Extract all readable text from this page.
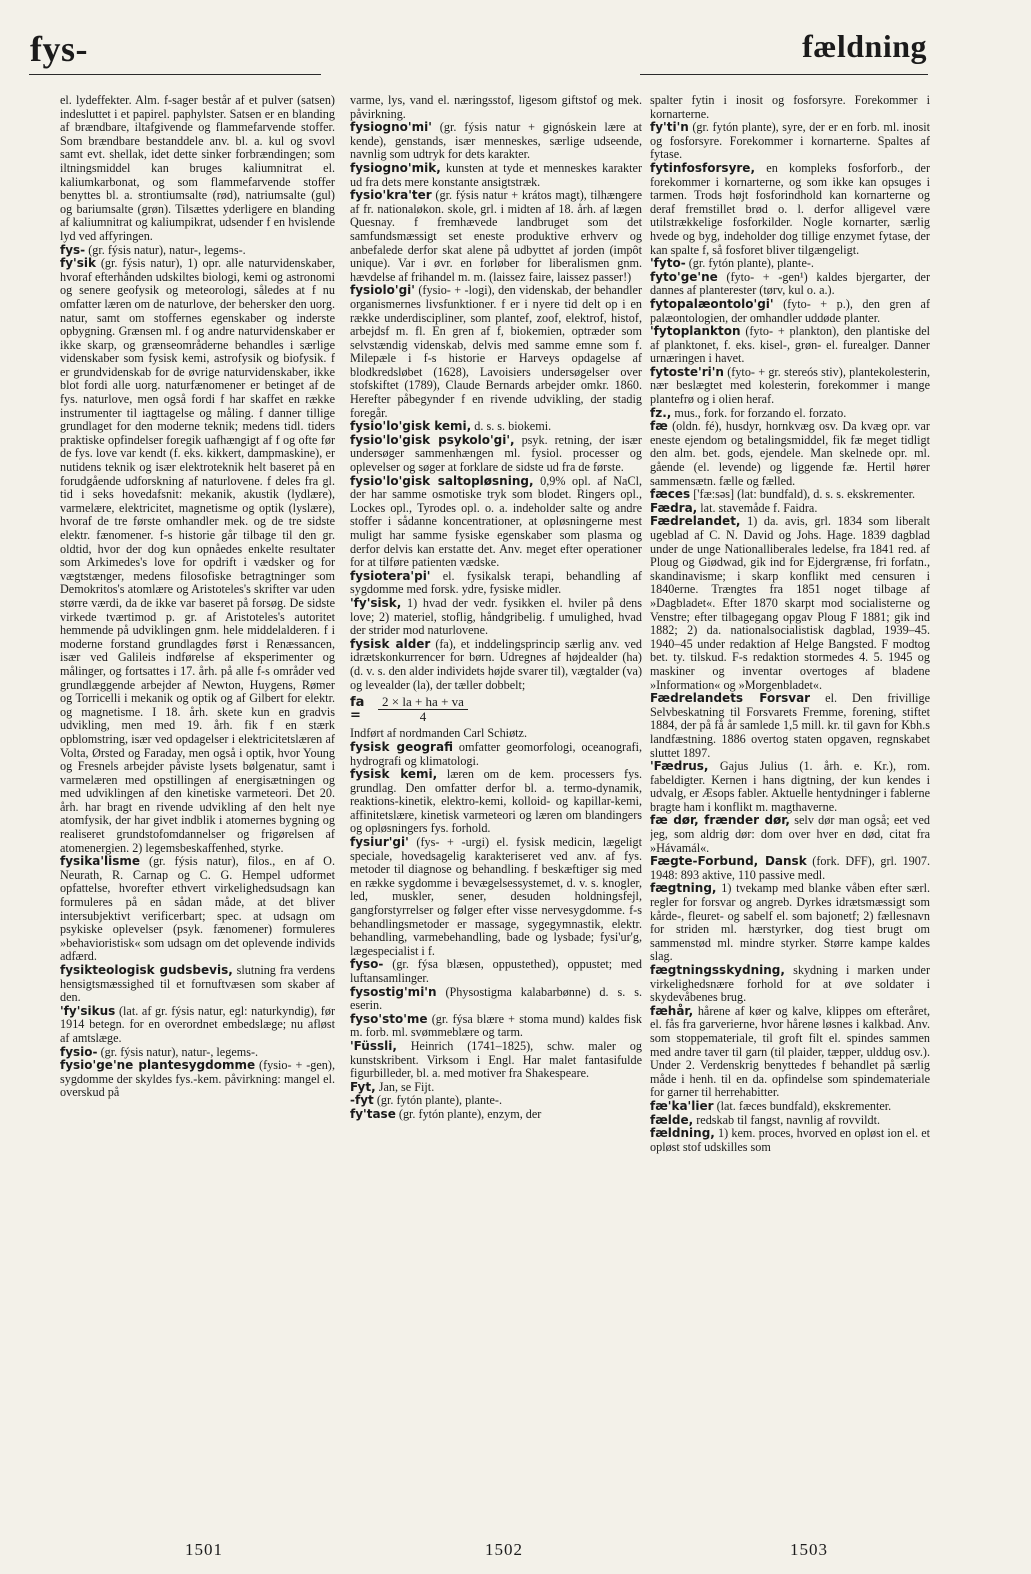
fys-	fældning
el. lydeffekter. Alm. f-sager består af et pulver (satsen) indesluttet i et papirel. paphylster. Satsen er en blanding af brændbare, iltafgivende og flammefarvende stoffer. Som brændbare bestanddele anv. bl. a. kul og svovl samt evt. shellak, idet dette sinker forbrændingen; som iltningsmiddel kan bruges kaliumnitrat el. kaliumkarbonat, og som flammefarvende stoffer benyttes bl. a. strontiumsalte (rød), natriumsalte (gul) og bariumsalte (grøn). Tilsættes yderligere en blanding af kaliumnitrat og kaliumpikrat, udsender f en hvislende lyd ved affyringen.
fys- (gr. fýsis natur), natur-, legems-.
fy'sik (gr. fýsis natur), 1) opr. alle naturvidenskaber, hvoraf efterhånden udskiltes biologi, kemi og astronomi og senere geofysik og meteorologi, således at f nu omfatter læren om de naturlove, der behersker den uorg. natur, samt om stoffernes egenskaber og inderste opbygning. Grænsen ml. f og andre naturvidenskaber er ikke skarp, og grænseområderne behandles i særlige videnskaber som fysisk kemi, astrofysik og biofysik. f er grundvidenskab for de øvrige naturvidenskaber, ikke blot fordi alle uorg. naturfænomener er betinget af de fys. naturlove, men også fordi f har skaffet en række instrumenter til iagttagelse og måling. f danner tillige grundlaget for den moderne teknik; medens tidl. tiders praktiske opfindelser foregik uafhængigt af f og ofte før de fys. love var kendt (f. eks. kikkert, dampmaskine), er nutidens teknik og især elektroteknik helt baseret på en forudgående udforskning af naturlovene. f deles fra gl. tid i seks hovedafsnit: mekanik, akustik (lydlære), varmelære, elektricitet, magnetisme og optik (lyslære), hvoraf de tre første omhandler mek. og de tre sidste elektr. fænomener. f-s historie går tilbage til den gr. oldtid, hvor der dog kun opnåedes enkelte resultater som Arkimedes's love for opdrift i vædsker og for vægtstænger, medens filosofiske betragtninger som Demokritos's atomlære og Aristoteles's skrifter var uden større værdi, da de ikke var baseret på forsøg. De sidste virkede tværtimod p. gr. af Aristoteles's autoritet hemmende på udviklingen gnm. hele middelalderen. f i moderne forstand grundlagdes først i Renæssancen, især ved Galileis indførelse af eksperimenter og målinger, og fortsattes i 17. årh. på alle f-s områder ved grundlæggende arbejder af Newton, Huygens, Rømer og Torricelli i mekanik og optik og af Gilbert for elektr. og magnetisme. I 18. årh. skete kun en gradvis udvikling, men med 19. årh. fik f en stærk opblomstring, især ved opdagelser i elektricitetslæren af Volta, Ørsted og Faraday, men også i optik, hvor Young og Fresnels arbejder påviste lysets bølgenatur, samt i varmelæren med opstillingen af energisætningen og med udviklingen af den kinetiske varmeteori. Det 20. årh. har bragt en rivende udvikling af den helt nye atomfysik, der har givet indblik i atomernes bygning og realiseret grundstofomdannelser og frigørelsen af atomenergien. 2) legemsbeskaffenhed, styrke.
fysika'lisme (gr. fýsis natur), filos., en af O. Neurath, R. Carnap og C. G. Hempel udformet opfattelse, hvorefter ethvert virkelighedsudsagn kan formuleres på en sådan måde, at det bliver intersubjektivt verificerbart; spec. at udsagn om psykiske oplevelser (psyk. fænomener) formuleres »behavioristisk« som udsagn om det oplevende individs adfærd.
fysikteologisk gudsbevis, slutning fra verdens hensigtsmæssighed til et fornuftvæsen som skaber af den.
'fy'sikus (lat. af gr. fýsis natur, egl: naturkyndig), før 1914 betegn. for en overordnet embedslæge; nu afløst af amtslæge.
fysio- (gr. fýsis natur), natur-, legems-.
fysio'ge'ne plantesygdomme (fysio- + -gen), sygdomme der skyldes fys.-kem. påvirkning: mangel el. overskud på
varme, lys, vand el. næringsstof, ligesom giftstof og mek. påvirkning.
fysiogno'mi' (gr. fýsis natur + gignóskein lære at kende), genstands, især menneskes, særlige udseende, navnlig som udtryk for dets karakter.
fysiogno'mik, kunsten at tyde et menneskes karakter ud fra dets mere konstante ansigtstræk.
fysio'kra'ter (gr. fýsis natur + krátos magt), tilhængere af fr. nationaløkon. skole, grl. i midten af 18. årh. af lægen Quesnay. f fremhævede landbruget som det samfundsmæssigt set eneste produktive erhverv og anbefalede derfor skat alene på udbyttet af jorden (impôt unique). Var i øvr. en forløber for liberalismen gnm. hævdelse af frihandel m. m. (laissez faire, laissez passer!)
fysiolo'gi' (fysio- + -logi), den videnskab, der behandler organismernes livsfunktioner. f er i nyere tid delt op i en række underdiscipliner, som plantef, zoof, elektrof, histof, arbejdsf m. fl. En gren af f, biokemien, optræder som selvstændig videnskab, delvis med samme emne som f. Milepæle i f-s historie er Harveys opdagelse af blodkredsløbet (1628), Lavoisiers undersøgelser over stofskiftet (1789), Claude Bernards arbejder omkr. 1860. Herefter påbegynder f en rivende udvikling, der stadig foregår.
fysio'lo'gisk kemi, d. s. s. biokemi.
fysio'lo'gisk psykolo'gi', psyk. retning, der især undersøger sammenhængen ml. fysiol. processer og oplevelser og søger at forklare de sidste ud fra de første.
fysio'lo'gisk saltopløsning, 0,9% opl. af NaCl, der har samme osmotiske tryk som blodet. Ringers opl., Lockes opl., Tyrodes opl. o. a. indeholder salte og andre stoffer i sådanne koncentrationer, at opløsningerne mest muligt har samme fysiske egenskaber som plasma og derfor delvis kan erstatte det. Anv. meget efter operationer for at tilføre patienten vædske.
fysiotera'pi' el. fysikalsk terapi, behandling af sygdomme med forsk. ydre, fysiske midler.
'fy'sisk, 1) hvad der vedr. fysikken el. hviler på dens love; 2) materiel, stoflig, håndgribelig. f umulighed, hvad der strider mod naturlovene.
fysisk alder (fa), et inddelingsprincip særlig anv. ved idrætskonkurrencer for børn. Udregnes af højdealder (ha) (d. v. s. den alder individets højde svarer til), vægtalder (va) og levealder (la), der tæller dobbelt;
fa = $\frac{2 \times la + ha + va}{4}$
Indført af nordmanden Carl Schiøtz.
fysisk geografi omfatter geomorfologi, oceanografi, hydrografi og klimatologi.
fysisk kemi, læren om de kem. processers fys. grundlag. Den omfatter derfor bl. a. termo-dynamik, reaktions-kinetik, elektro-kemi, kolloid- og kapillar-kemi, affinitetslære, kinetisk varmeteori og læren om blandingers og opløsningers fys. forhold.
fysiur'gi' (fys- + -urgi) el. fysisk medicin, lægeligt speciale, hovedsagelig karakteriseret ved anv. af fys. metoder til diagnose og behandling. f beskæftiger sig med en række sygdomme i bevægelsessystemet, d. v. s. knogler, led, muskler, sener, desuden holdningsfejl, gangforstyrrelser og følger efter visse nervesygdomme. f-s behandlingsmetoder er massage, sygegymnastik, elektr. behandling, varmebehandling, bade og lysbade; fysi'ur'g, lægespecialist i f.
fyso- (gr. fýsa blæsen, oppustethed), oppustet; med luftansamlinger.
fysostig'mi'n (Physostigma kalabarbønne) d. s. s. eserin.
fyso'sto'me (gr. fýsa blære + stoma mund) kaldes fisk m. forb. ml. svømmeblære og tarm.
'Füssli, Heinrich (1741–1825), schw. maler og kunstskribent. Virksom i Engl. Har malet fantasifulde figurbilleder, bl. a. med motiver fra Shakespeare.
Fyt, Jan, se Fijt.
-fyt (gr. fytón plante), plante-.
fy'tase (gr. fytón plante), enzym, der
spalter fytin i inosit og fosforsyre. Forekommer i kornarterne.
fy'ti'n (gr. fytón plante), syre, der er en forb. ml. inosit og fosforsyre. Forekommer i kornarterne. Spaltes af fytase.
fytinfosforsyre, en kompleks fosforforb., der forekommer i kornarterne, og som ikke kan opsuges i tarmen. Trods højt fosforindhold kan kornarterne og deraf fremstillet brød o. l. derfor alligevel være utilstrækkelige fosforkilder. Nogle kornarter, særlig hvede og byg, indeholder dog tillige enzymet fytase, der kan spalte f, så fosforet bliver tilgængeligt.
'fyto- (gr. fytón plante), plante-.
fyto'ge'ne (fyto- + -gen¹) kaldes bjergarter, der dannes af planterester (tørv, kul o. a.).
fytopalæontolo'gi' (fyto- + p.), den gren af palæontologien, der omhandler uddøde planter.
'fytoplankton (fyto- + plankton), den plantiske del af planktonet, f. eks. kisel-, grøn- el. furealger. Danner urnæringen i havet.
fytoste'ri'n (fyto- + gr. stereós stiv), plantekolesterin, nær beslægtet med kolesterin, forekommer i mange plantefrø og i olien heraf.
fz., mus., fork. for forzando el. forzato.
fæ (oldn. fé), husdyr, hornkvæg osv. Da kvæg opr. var eneste ejendom og betalingsmiddel, fik fæ meget tidligt den alm. bet. gods, ejendele. Man skelnede opr. ml. gående (el. levende) og liggende fæ. Hertil hører sammensætn. fælle og fælled.
fæces ['fæ:səs] (lat: bundfald), d. s. s. ekskrementer.
Fædra, lat. stavemåde f. Faidra.
Fædrelandet, 1) da. avis, grl. 1834 som liberalt ugeblad af C. N. David og Johs. Hage. 1839 dagblad under de unge Nationalliberales ledelse, fra 1841 red. af Ploug og Giødwad, gik ind for Ejdergrænse, fri forfatn., skandinavisme; i skarp konflikt med censuren i 1840erne. Trængtes fra 1851 noget tilbage af »Dagbladet«. Efter 1870 skarpt mod socialisterne og Venstre; efter tilbagegang opgav Ploug F 1881; gik ind 1882; 2) da. nationalsocialistisk dagblad, 1939–45. 1940–45 under redaktion af Helge Bangsted. F modtog bet. ty. tilskud. F-s redaktion stormedes 4. 5. 1945 og maskiner og inventar overtoges af bladene »Information« og »Morgenbladet«.
Fædrelandets Forsvar el. Den frivillige Selvbeskatning til Forsvarets Fremme, forening, stiftet 1884, der på få år samlede 1,5 mill. kr. til gavn for Kbh.s landfæstning. 1886 overtog staten opgaven, regnskabet sluttet 1897.
'Fædrus, Gajus Julius (1. årh. e. Kr.), rom. fabeldigter. Kernen i hans digtning, der kun kendes i udvalg, er Æsops fabler. Aktuelle hentydninger i fablerne bragte ham i konflikt m. magthaverne.
fæ dør, frænder dør, selv dør man også; eet ved jeg, som aldrig dør: dom over hver en død, citat fra »Hávamál«.
Fægte-Forbund, Dansk (fork. DFF), grl. 1907. 1948: 893 aktive, 110 passive medl.
fægtning, 1) tvekamp med blanke våben efter særl. regler for forsvar og angreb. Dyrkes idrætsmæssigt som kårde-, fleuret- og sabelf el. som bajonetf; 2) fællesnavn for striden ml. hærstyrker, dog tiest brugt om sammenstød ml. mindre styrker. Større kampe kaldes slag.
fægtningsskydning, skydning i marken under virkelighedsnære forhold for at øve soldater i skydevåbenes brug.
fæhår, hårene af køer og kalve, klippes om efteråret, el. fås fra garverierne, hvor hårene løsnes i kalkbad. Anv. som stoppemateriale, til groft filt el. spindes sammen med andre taver til garn (til plaider, tæpper, ulddug osv.). Under 2. Verdenskrig benyttedes f behandlet på særlig måde i henh. til en da. opfindelse som spindemateriale for garner til herrehabitter.
fæ'ka'lier (lat. fæces bundfald), ekskrementer.
fælde, redskab til fangst, navnlig af rovvildt.
fældning, 1) kem. proces, hvorved en opløst ion el. et opløst stof udskilles som
1501	1502	1503
